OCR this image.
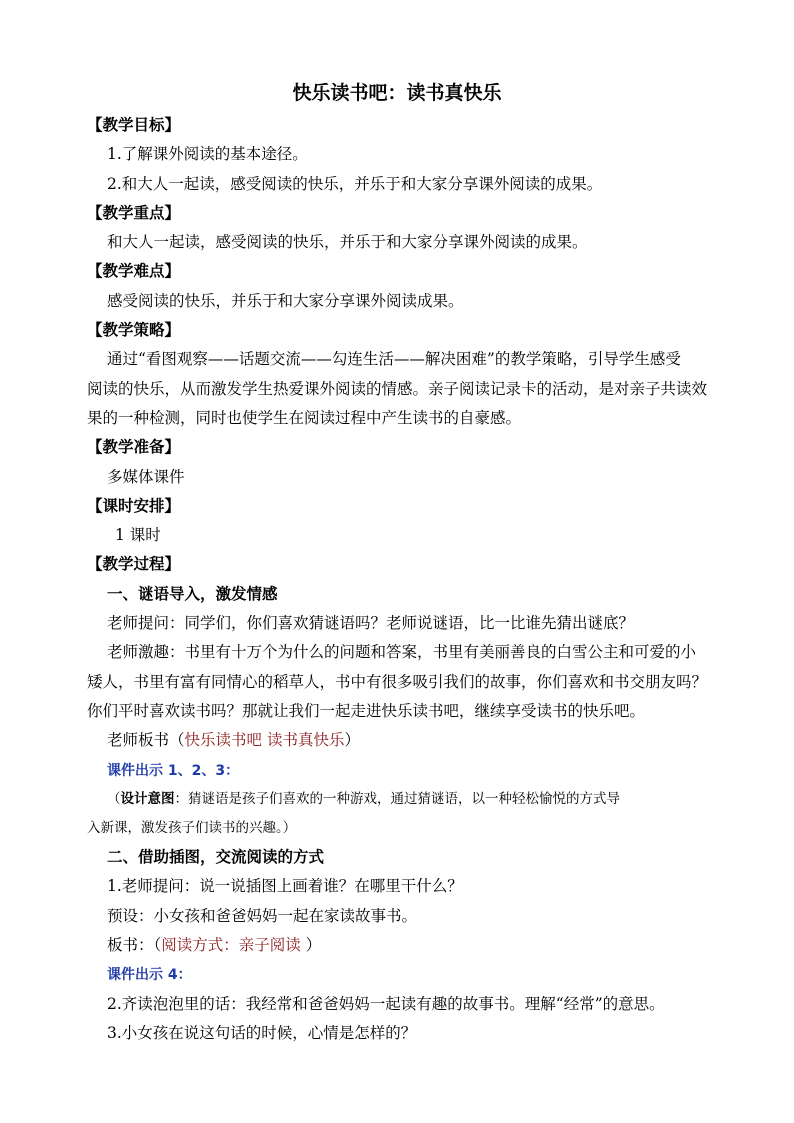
快乐读书吧：读书真快乐
【教学目标】
1.了解课外阅读的基本途径。
2.和大人一起读，感受阅读的快乐，并乐于和大家分享课外阅读的成果。
【教学重点】
和大人一起读，感受阅读的快乐，并乐于和大家分享课外阅读的成果。
【教学难点】
感受阅读的快乐，并乐于和大家分享课外阅读成果。
【教学策略】
通过“看图观察——话题交流——勾连生活——解决困难”的教学策略，引导学生感受
阅读的快乐，从而激发学生热爱课外阅读的情感。亲子阅读记录卡的活动，是对亲子共读效
果的一种检测，同时也使学生在阅读过程中产生读书的自豪感。
【教学准备】
多媒体课件
【课时安排】
1 课时
【教学过程】
一、谜语导入，激发情感
老师提问：同学们，你们喜欢猜谜语吗？老师说谜语，比一比谁先猜出谜底？
老师激趣：书里有十万个为什么的问题和答案，书里有美丽善良的白雪公主和可爱的小
矮人，书里有富有同情心的稻草人，书中有很多吸引我们的故事，你们喜欢和书交朋友吗？
你们平时喜欢读书吗？那就让我们一起走进快乐读书吧，继续享受读书的快乐吧。
老师板书（快乐读书吧 读书真快乐）
课件出示 1、2、3：
（设计意图：猜谜语是孩子们喜欢的一种游戏，通过猜谜语，以一种轻松愉悦的方式导
入新课，激发孩子们读书的兴趣。）
二、借助插图，交流阅读的方式
1.老师提问：说一说插图上画着谁？在哪里干什么？
预设：小女孩和爸爸妈妈一起在家读故事书。
板书：（阅读方式：亲子阅读 ）
课件出示 4：
2.齐读泡泡里的话：我经常和爸爸妈妈一起读有趣的故事书。理解“经常”的意思。
3.小女孩在说这句话的时候，心情是怎样的？
